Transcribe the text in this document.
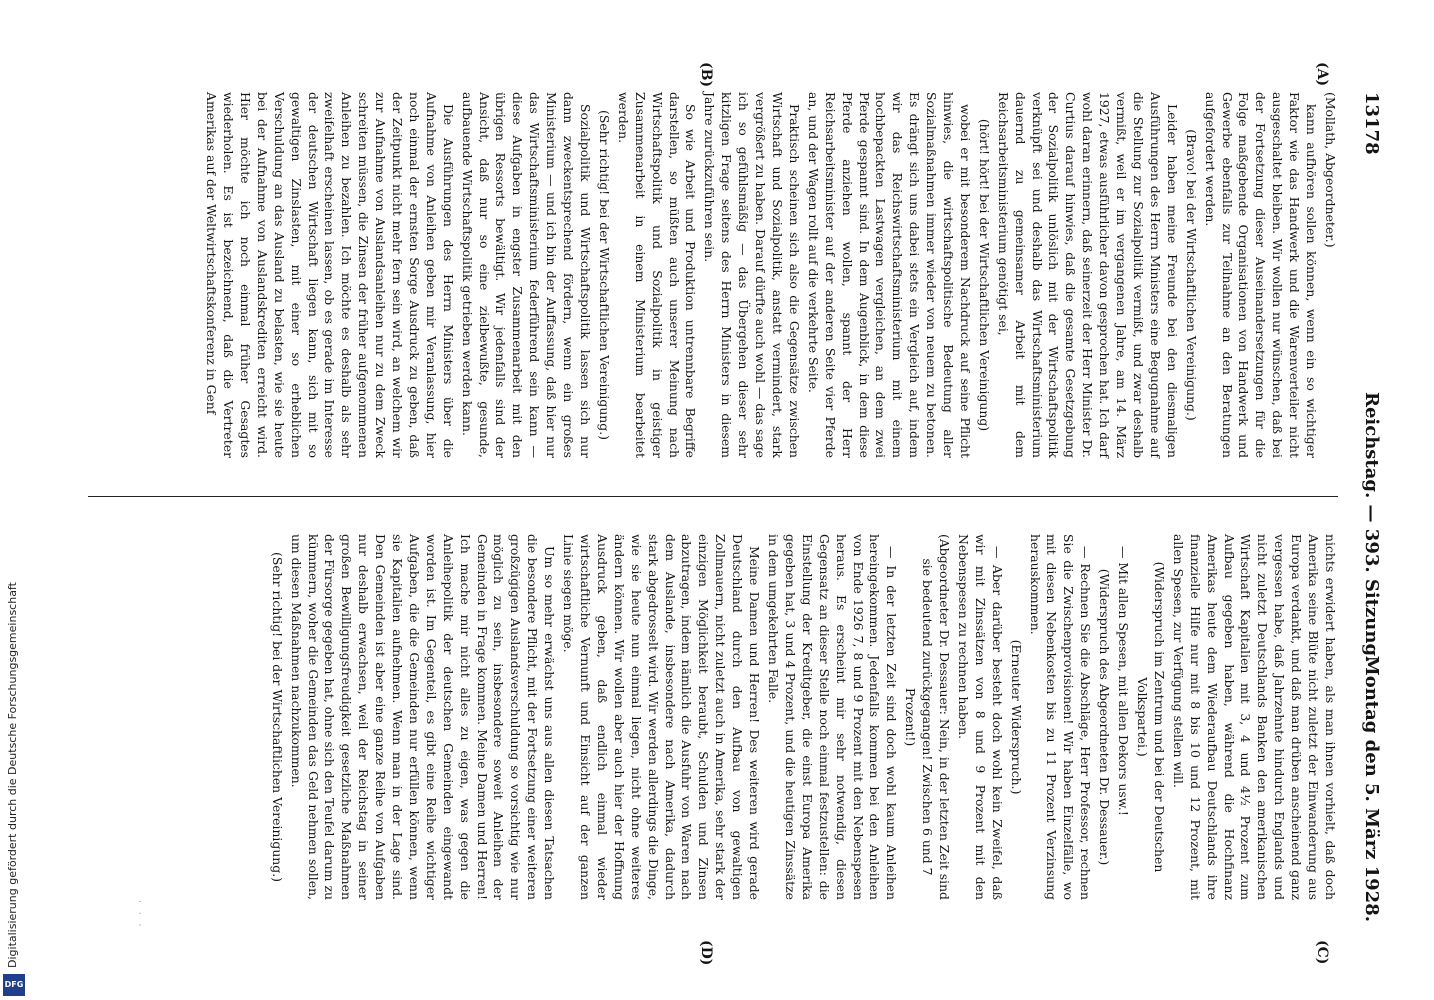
13178
Reichstag. — 393. Sitzung.
Montag den 5. März 1928.
(A)
(B)
(C)
(D)

(Mollath, Abgeordneter.)

kann aufhören sollen können, wenn ein so wichtiger Faktor wie das Handwerk und die Warenverteiler nicht ausgeschaltet bleiben. Wir wollen nur wünschen, daß bei der Fortsetzung dieser Auseinandersetzungen für die Folge maßgebende Organisationen von Handwerk und Gewerbe ebenfalls zur Teilnahme an den Beratungen aufgefordert werden.

(Bravo! bei der Wirtschaftlichen Vereinigung.)

Leider haben meine Freunde bei den diesmaligen Ausführungen des Herrn Ministers eine Begugnahme auf die Stellung zur Sozialpolitik vermißt, und zwar deshalb vermißt, weil er im vergangenen Jahre, am 14. März 1927, etwas ausführlicher davon gesprochen hat. Ich darf wohl daran erinnern, daß seinerzeit der Herr Minister Dr. Curtius darauf hinwies, daß die gesamte Gesetzgebung der Sozialpolitik unlöslich mit der Wirtschaftspolitik verknüpft sei und deshalb das Wirtschaftsministerium dauernd zu gemeinsamer Arbeit mit dem Reichsarbeitsministerium genötigt sei,

(hört! hört! bei der Wirtschaftlichen Vereinigung)

wobei er mit besonderem Nachdruck auf seine Pflicht hinwies, die wirtschaftspolitische Bedeutung aller Sozialmaßnahmen immer wieder von neuem zu betonen. Es drängt sich uns dabei stets ein Vergleich auf, indem wir das Reichswirtschaftsministerium mit einem hochbepackten Lastwagen vergleichen, an dem zwei Pferde gespannt sind. In dem Augenblick, in dem diese Pferde anziehen wollen, spannt der Herr Reichsarbeitsminister auf der anderen Seite vier Pferde an, und der Wagen rollt auf die verkehrte Seite.

Praktisch scheinen sich also die Gegensätze zwischen Wirtschaft und Sozialpolitik, anstatt vermindert, stark vergrößert zu haben. Darauf dürfte auch wohl — das sage ich so gefühlsmäßig — das Übergehen dieser sehr kitzligen Frage seitens des Herrn Ministers in diesem Jahre zurückzuführen sein.

So wie Arbeit und Produktion untrennbare Begriffe darstellen, so müßten auch unserer Meinung nach Wirtschaftspolitik und Sozialpolitik in geistiger Zusammenarbeit in einem Ministerium bearbeitet werden.

(Sehr richtig! bei der Wirtschaftlichen Vereinigung.)

Sozialpolitik und Wirtschaftspolitik lassen sich nur dann zweckentsprechend fördern, wenn ein großes Ministerium — und ich bin der Auffassung, daß hier nur das Wirtschaftsministerium federführend sein kann — diese Aufgaben in engster Zusammenarbeit mit den übrigen Ressorts bewältigt. Wir jedenfalls sind der Ansicht, daß nur so eine zielbewußte, gesunde, aufbauende Wirtschaftspolitik getrieben werden kann.

Die Ausführungen des Herrn Ministers über die Aufnahme von Anleihen geben mir Veranlassung, hier noch einmal der ernsten Sorge Ausdruck zu geben, daß der Zeitpunkt nicht mehr fern sein wird, an welchem wir zur Aufnahme von Auslandsanleihen nur zu dem Zweck schreiten müssen, die Zinsen der früher aufgenommenen Anleihen zu bezahlen. Ich möchte es deshalb als sehr zweifelhaft erscheinen lassen, ob es gerade im Interesse der deutschen Wirtschaft liegen kann, sich mit so gewaltigen Zinslasten, mit einer so erheblichen Verschuldung an das Ausland zu belasten, wie sie heute bei der Aufnahme von Auslandskrediten erreicht wird. Hier möchte ich noch einmal früher Gesagtes wiederholen. Es ist bezeichnend, daß die Vertreter Amerikas auf der Weltwirtschaftskonferenz in Genf

nichts erwidert haben, als man ihnen vorhielt, daß doch Amerika seine Blüte nicht zuletzt der Einwanderung aus Europa verdankt, und daß man drüben anscheinend ganz vergessen habe, daß Jahrzehnte hindurch Englands und nicht zuletzt Deutschlands Banken den amerikanischen Wirtschaft Kapitalien mit 3, 4 und 4½ Prozent zum Aufbau gegeben haben, während die Hochfinanz Amerikas heute dem Wiederaufbau Deutschlands ihre finanzielle Hilfe nur mit 8 bis 10 und 12 Prozent, mit allen Spesen, zur Verfügung stellen will.

(Widerspruch im Zentrum und bei der Deutschen Volkspartei.)

— Mit allen Spesen, mit allen Dekors usw.!

(Widerspruch des Abgeordneten Dr. Dessauer.)

— Rechnen Sie die Abschläge, Herr Professor, rechnen Sie die Zwischenprovisionen! Wir haben Einzelfälle, wo mit diesen Nebenkosten bis zu 11 Prozent Verzinsung herauskommen.

(Erneuter Widerspruch.)

— Aber darüber besteht doch wohl kein Zweifel, daß wir mit Zinssätzen von 8 und 9 Prozent mit den Nebenspesen zu rechnen haben.

(Abgeordneter Dr. Dessauer: Nein, in der letzten Zeit sind sie bedeutend zurückgegangen! Zwischen 6 und 7 Prozent!)

— In der letzten Zeit sind doch wohl kaum Anleihen hereingekommen. Jedenfalls kommen bei den Anleihen von Ende 1926 7, 8 und 9 Prozent mit den Nebenspesen heraus. Es erscheint mir sehr notwendig, diesen Gegensatz an dieser Stelle noch einmal festzustellen: die Einstellung der Kreditgeber, die einst Europa Amerika gegeben hat, 3 und 4 Prozent, und die heutigen Zinssätze in dem umgekehrten Falle.

Meine Damen und Herren! Des weiteren wird gerade Deutschland durch den Aufbau von gewaltigen Zollmauern, nicht zuletzt auch in Amerika, sehr stark der einzigen Möglichkeit beraubt, Schulden und Zinsen abzutragen, indem nämlich die Ausfuhr von Waren nach dem Auslande, insbesondere nach Amerika, dadurch stark abgedrosselt wird. Wir werden allerdings die Dinge, wie sie heute nun einmal liegen, nicht ohne weiteres ändern können. Wir wollen aber auch hier der Hoffnung Ausdruck geben, daß endlich einmal wieder wirtschaftliche Vernunft und Einsicht auf der ganzen Linie siegen möge.

Um so mehr erwächst uns aus allen diesen Tatsachen die besondere Pflicht, mit der Fortsetzung einer weiteren großzügigen Auslandsverschuldung so vorsichtig wie nur möglich zu sein, insbesondere soweit Anleihen der Gemeinden in Frage kommen. Meine Damen und Herren! Ich mache mir nicht alles zu eigen, was gegen die Anleihepolitik der deutschen Gemeinden eingewandt worden ist. Im Gegenteil, es gibt eine Reihe wichtiger Aufgaben, die die Gemeinden nur erfüllen können, wenn sie Kapitalien aufnehmen. Wenn man in der Lage sind. Den Gemeinden ist aber eine ganze Reihe von Aufgaben nur deshalb erwachsen, weil der Reichstag in seiner großen Bewilligungsfreudigkeit gesetzliche Maßnahmen der Fürsorge gegeben hat, ohne sich den Teufel darum zu kümmern, woher die Gemeinden das Geld nehmen sollen, um diesen Maßnahmen nachzukommen.

(Sehr richtig! bei der Wirtschaftlichen Vereinigung.)

· · ·
Digitalisierung gefördert durch die Deutsche Forschungsgemeinschaft
DFG
